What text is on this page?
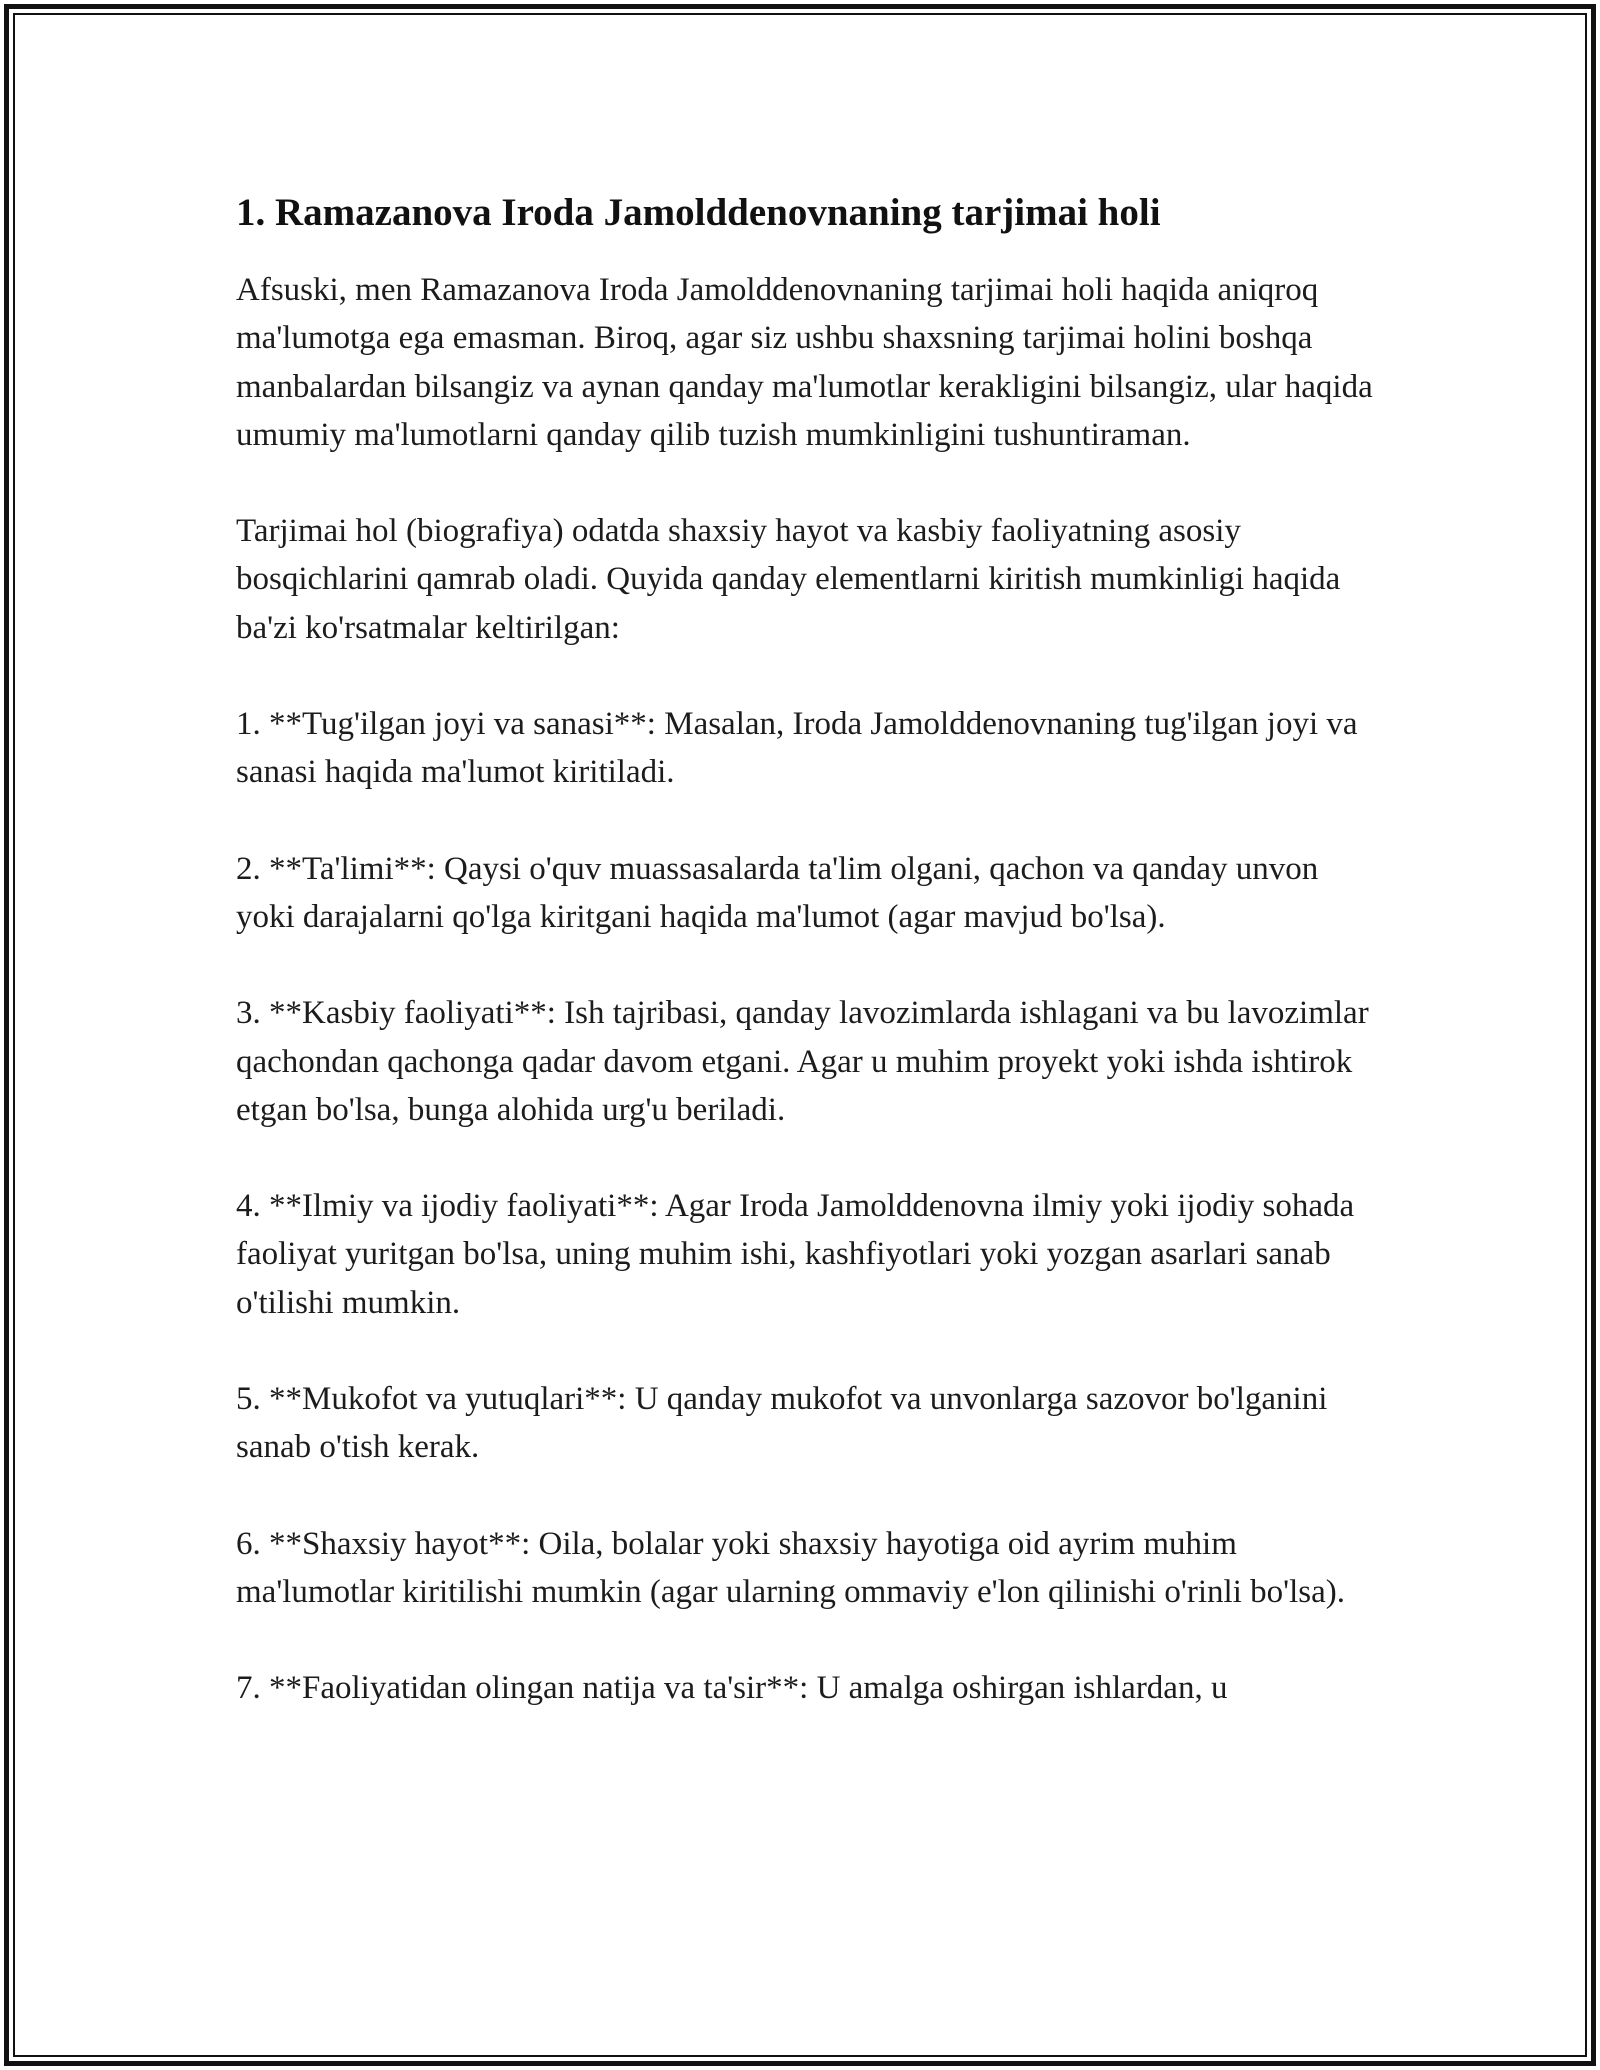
1. Ramazanova Iroda Jamolddenovnaning tarjimai holi

Afsuski, men Ramazanova Iroda Jamolddenovnaning tarjimai holi haqida aniqroq ma'lumotga ega emasman. Biroq, agar siz ushbu shaxsning tarjimai holini boshqa manbalardan bilsangiz va aynan qanday ma'lumotlar kerakligini bilsangiz, ular haqida umumiy ma'lumotlarni qanday qilib tuzish mumkinligini tushuntiraman.

Tarjimai hol (biografiya) odatda shaxsiy hayot va kasbiy faoliyatning asosiy bosqichlarini qamrab oladi. Quyida qanday elementlarni kiritish mumkinligi haqida ba'zi ko'rsatmalar keltirilgan:

1. **Tug'ilgan joyi va sanasi**: Masalan, Iroda Jamolddenovnaning tug'ilgan joyi va sanasi haqida ma'lumot kiritiladi.

2. **Ta'limi**: Qaysi o'quv muassasalarda ta'lim olgani, qachon va qanday unvon yoki darajalarni qo'lga kiritgani haqida ma'lumot (agar mavjud bo'lsa).

3. **Kasbiy faoliyati**: Ish tajribasi, qanday lavozimlarda ishlagani va bu lavozimlar qachondan qachonga qadar davom etgani. Agar u muhim proyekt yoki ishda ishtirok etgan bo'lsa, bunga alohida urg'u beriladi.

4. **Ilmiy va ijodiy faoliyati**: Agar Iroda Jamolddenovna ilmiy yoki ijodiy sohada faoliyat yuritgan bo'lsa, uning muhim ishi, kashfiyotlari yoki yozgan asarlari sanab o'tilishi mumkin.

5. **Mukofot va yutuqlari**: U qanday mukofot va unvonlarga sazovor bo'lganini sanab o'tish kerak.

6. **Shaxsiy hayot**: Oila, bolalar yoki shaxsiy hayotiga oid ayrim muhim ma'lumotlar kiritilishi mumkin (agar ularning ommaviy e'lon qilinishi o'rinli bo'lsa).

7. **Faoliyatidan olingan natija va ta'sir**: U amalga oshirgan ishlardan, u
